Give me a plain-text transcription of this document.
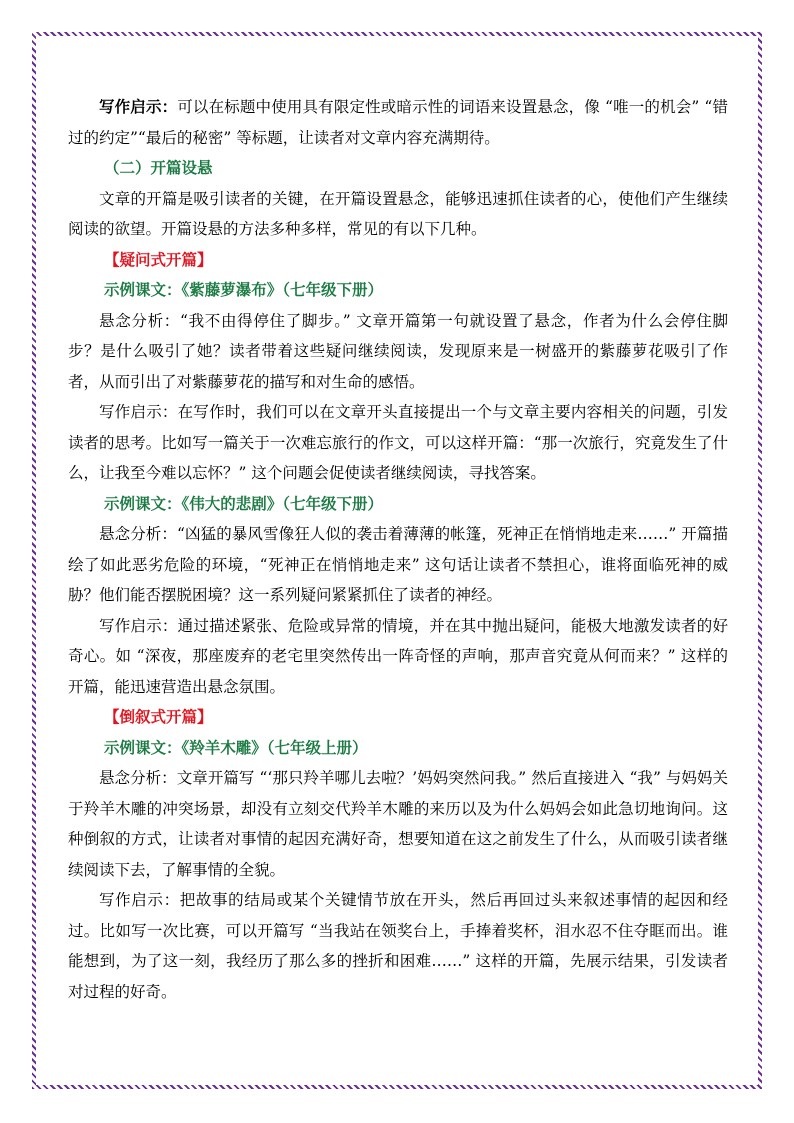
写作启示：可以在标题中使用具有限定性或暗示性的词语来设置悬念，像 “唯一的机会” “错过的约定”“最后的秘密” 等标题，让读者对文章内容充满期待。

（二）开篇设悬

文章的开篇是吸引读者的关键，在开篇设置悬念，能够迅速抓住读者的心，使他们产生继续阅读的欲望。开篇设悬的方法多种多样，常见的有以下几种。

【疑问式开篇】

示例课文：《紫藤萝瀑布》（七年级下册）

悬念分析：“我不由得停住了脚步。” 文章开篇第一句就设置了悬念，作者为什么会停住脚步？是什么吸引了她？读者带着这些疑问继续阅读，发现原来是一树盛开的紫藤萝花吸引了作者，从而引出了对紫藤萝花的描写和对生命的感悟。

写作启示：在写作时，我们可以在文章开头直接提出一个与文章主要内容相关的问题，引发读者的思考。比如写一篇关于一次难忘旅行的作文，可以这样开篇：“那一次旅行，究竟发生了什么，让我至今难以忘怀？” 这个问题会促使读者继续阅读，寻找答案。

示例课文：《伟大的悲剧》（七年级下册）

悬念分析：“凶猛的暴风雪像狂人似的袭击着薄薄的帐篷，死神正在悄悄地走来……” 开篇描绘了如此恶劣危险的环境，“死神正在悄悄地走来” 这句话让读者不禁担心，谁将面临死神的威胁？他们能否摆脱困境？这一系列疑问紧紧抓住了读者的神经。

写作启示：通过描述紧张、危险或异常的情境，并在其中抛出疑问，能极大地激发读者的好奇心。如 “深夜，那座废弃的老宅里突然传出一阵奇怪的声响，那声音究竟从何而来？” 这样的开篇，能迅速营造出悬念氛围。

【倒叙式开篇】

示例课文：《羚羊木雕》（七年级上册）

悬念分析：文章开篇写 “‘那只羚羊哪儿去啦？’妈妈突然问我。” 然后直接进入 “我” 与妈妈关于羚羊木雕的冲突场景，却没有立刻交代羚羊木雕的来历以及为什么妈妈会如此急切地询问。这种倒叙的方式，让读者对事情的起因充满好奇，想要知道在这之前发生了什么，从而吸引读者继续阅读下去，了解事情的全貌。

写作启示：把故事的结局或某个关键情节放在开头，然后再回过头来叙述事情的起因和经过。比如写一次比赛，可以开篇写 “当我站在领奖台上，手捧着奖杯，泪水忍不住夺眶而出。谁能想到，为了这一刻，我经历了那么多的挫折和困难……” 这样的开篇，先展示结果，引发读者对过程的好奇。
